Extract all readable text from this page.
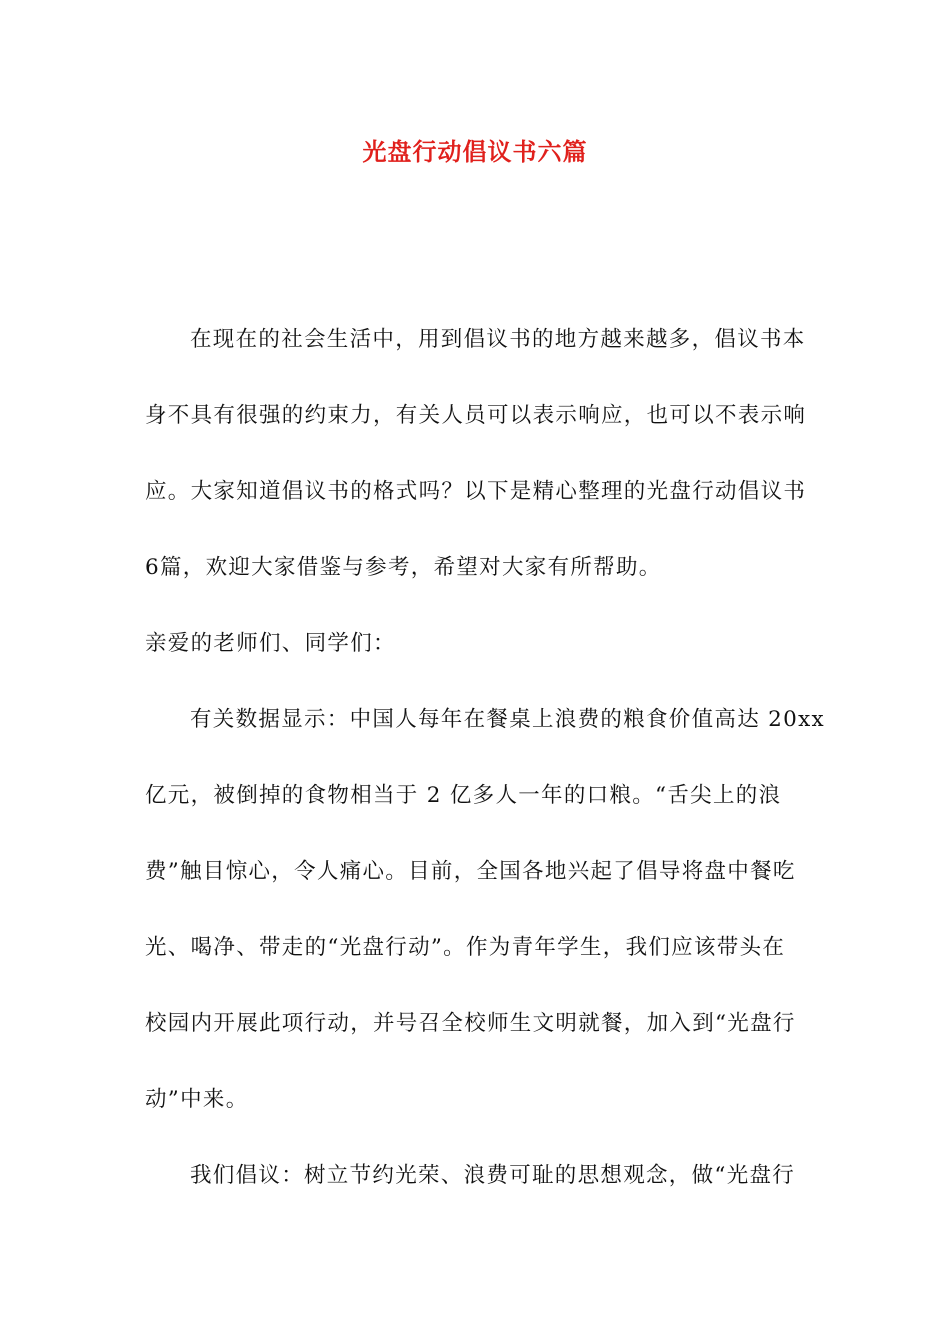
光盘行动倡议书六篇
在现在的社会生活中，用到倡议书的地方越来越多，倡议书本
身不具有很强的约束力，有关人员可以表示响应，也可以不表示响
应。大家知道倡议书的格式吗？以下是精心整理的光盘行动倡议书
6篇，欢迎大家借鉴与参考，希望对大家有所帮助。
亲爱的老师们、同学们：
有关数据显示：中国人每年在餐桌上浪费的粮食价值高达 20xx
亿元，被倒掉的食物相当于 2 亿多人一年的口粮。“舌尖上的浪
费”触目惊心，令人痛心。目前，全国各地兴起了倡导将盘中餐吃
光、喝净、带走的“光盘行动”。作为青年学生，我们应该带头在
校园内开展此项行动，并号召全校师生文明就餐，加入到“光盘行
动”中来。
我们倡议：树立节约光荣、浪费可耻的思想观念，做“光盘行
